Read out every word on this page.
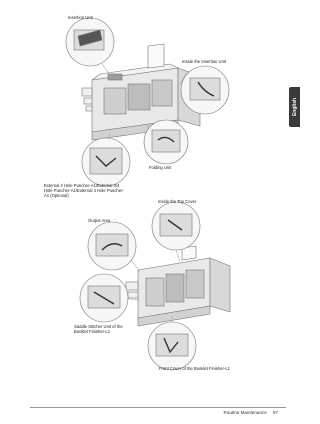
Insertion Unit
Inside the Insertion Unit
Folding Unit
External 2 Hole Puncher-A1/External 2/4 Hole Puncher-A1/External 4 Hole Puncher-A1 (Optional)
Inside the Top Cover
Output Area
Saddle Stitcher Unit of the Booklet Finisher-L1
Front Cover of the Booklet Finisher-L1
English
...	Routine Maintenance 67
